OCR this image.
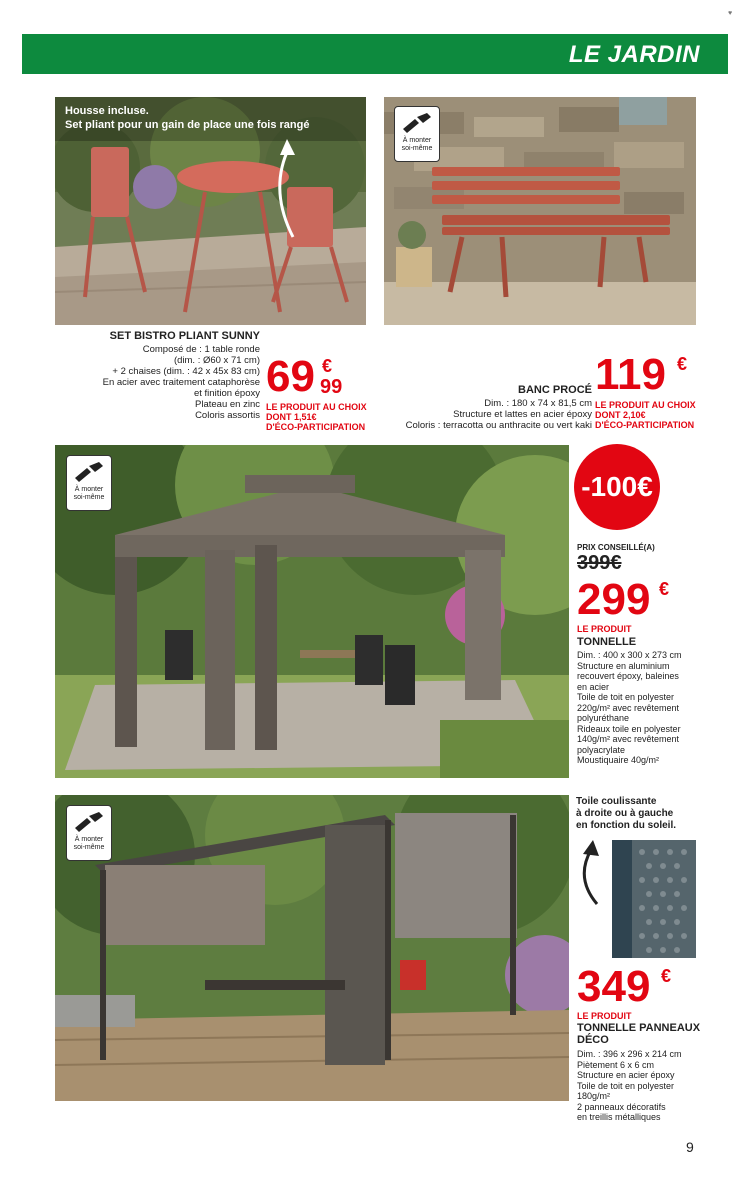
♥
LE JARDIN
Housse incluse.
Set pliant pour un gain de place une fois rangé
À monter
soi-même
SET BISTRO PLIANT SUNNY
Composé de : 1 table ronde
(dim. : Ø60 x 71 cm)
+ 2 chaises (dim. : 42 x 45x 83 cm)
En acier avec traitement cataphorèse
et finition époxy
Plateau en zinc
Coloris assortis
69 €
99
LE PRODUIT AU CHOIX
DONT 1,51€
D'ÉCO-PARTICIPATION
BANC PROCÉ
Dim. : 180 x 74 x 81,5 cm
Structure et lattes en acier époxy
Coloris : terracotta ou anthracite ou vert kaki
119 €
LE PRODUIT AU CHOIX
DONT 2,10€
D'ÉCO-PARTICIPATION
À monter
soi-même	-100€
PRIX CONSEILLÉ(A)
399€
299 €
LE PRODUIT
TONNELLE
Dim. : 400 x 300 x 273 cm
Structure en aluminium
recouvert époxy, baleines
en acier
Toile de toit en polyester
220g/m² avec revêtement
polyuréthane
Rideaux toile en polyester
140g/m² avec revêtement
polyacrylate
Moustiquaire 40g/m²
À monter
soi-même
Toile coulissante
à droite ou à gauche
en fonction du soleil.
349 €
LE PRODUIT
TONNELLE PANNEAUX
DÉCO
Dim. : 396 x 296 x 214 cm
Piètement 6 x 6 cm
Structure en acier époxy
Toile de toit en polyester
180g/m²
2 panneaux décoratifs
en treillis métalliques
9
